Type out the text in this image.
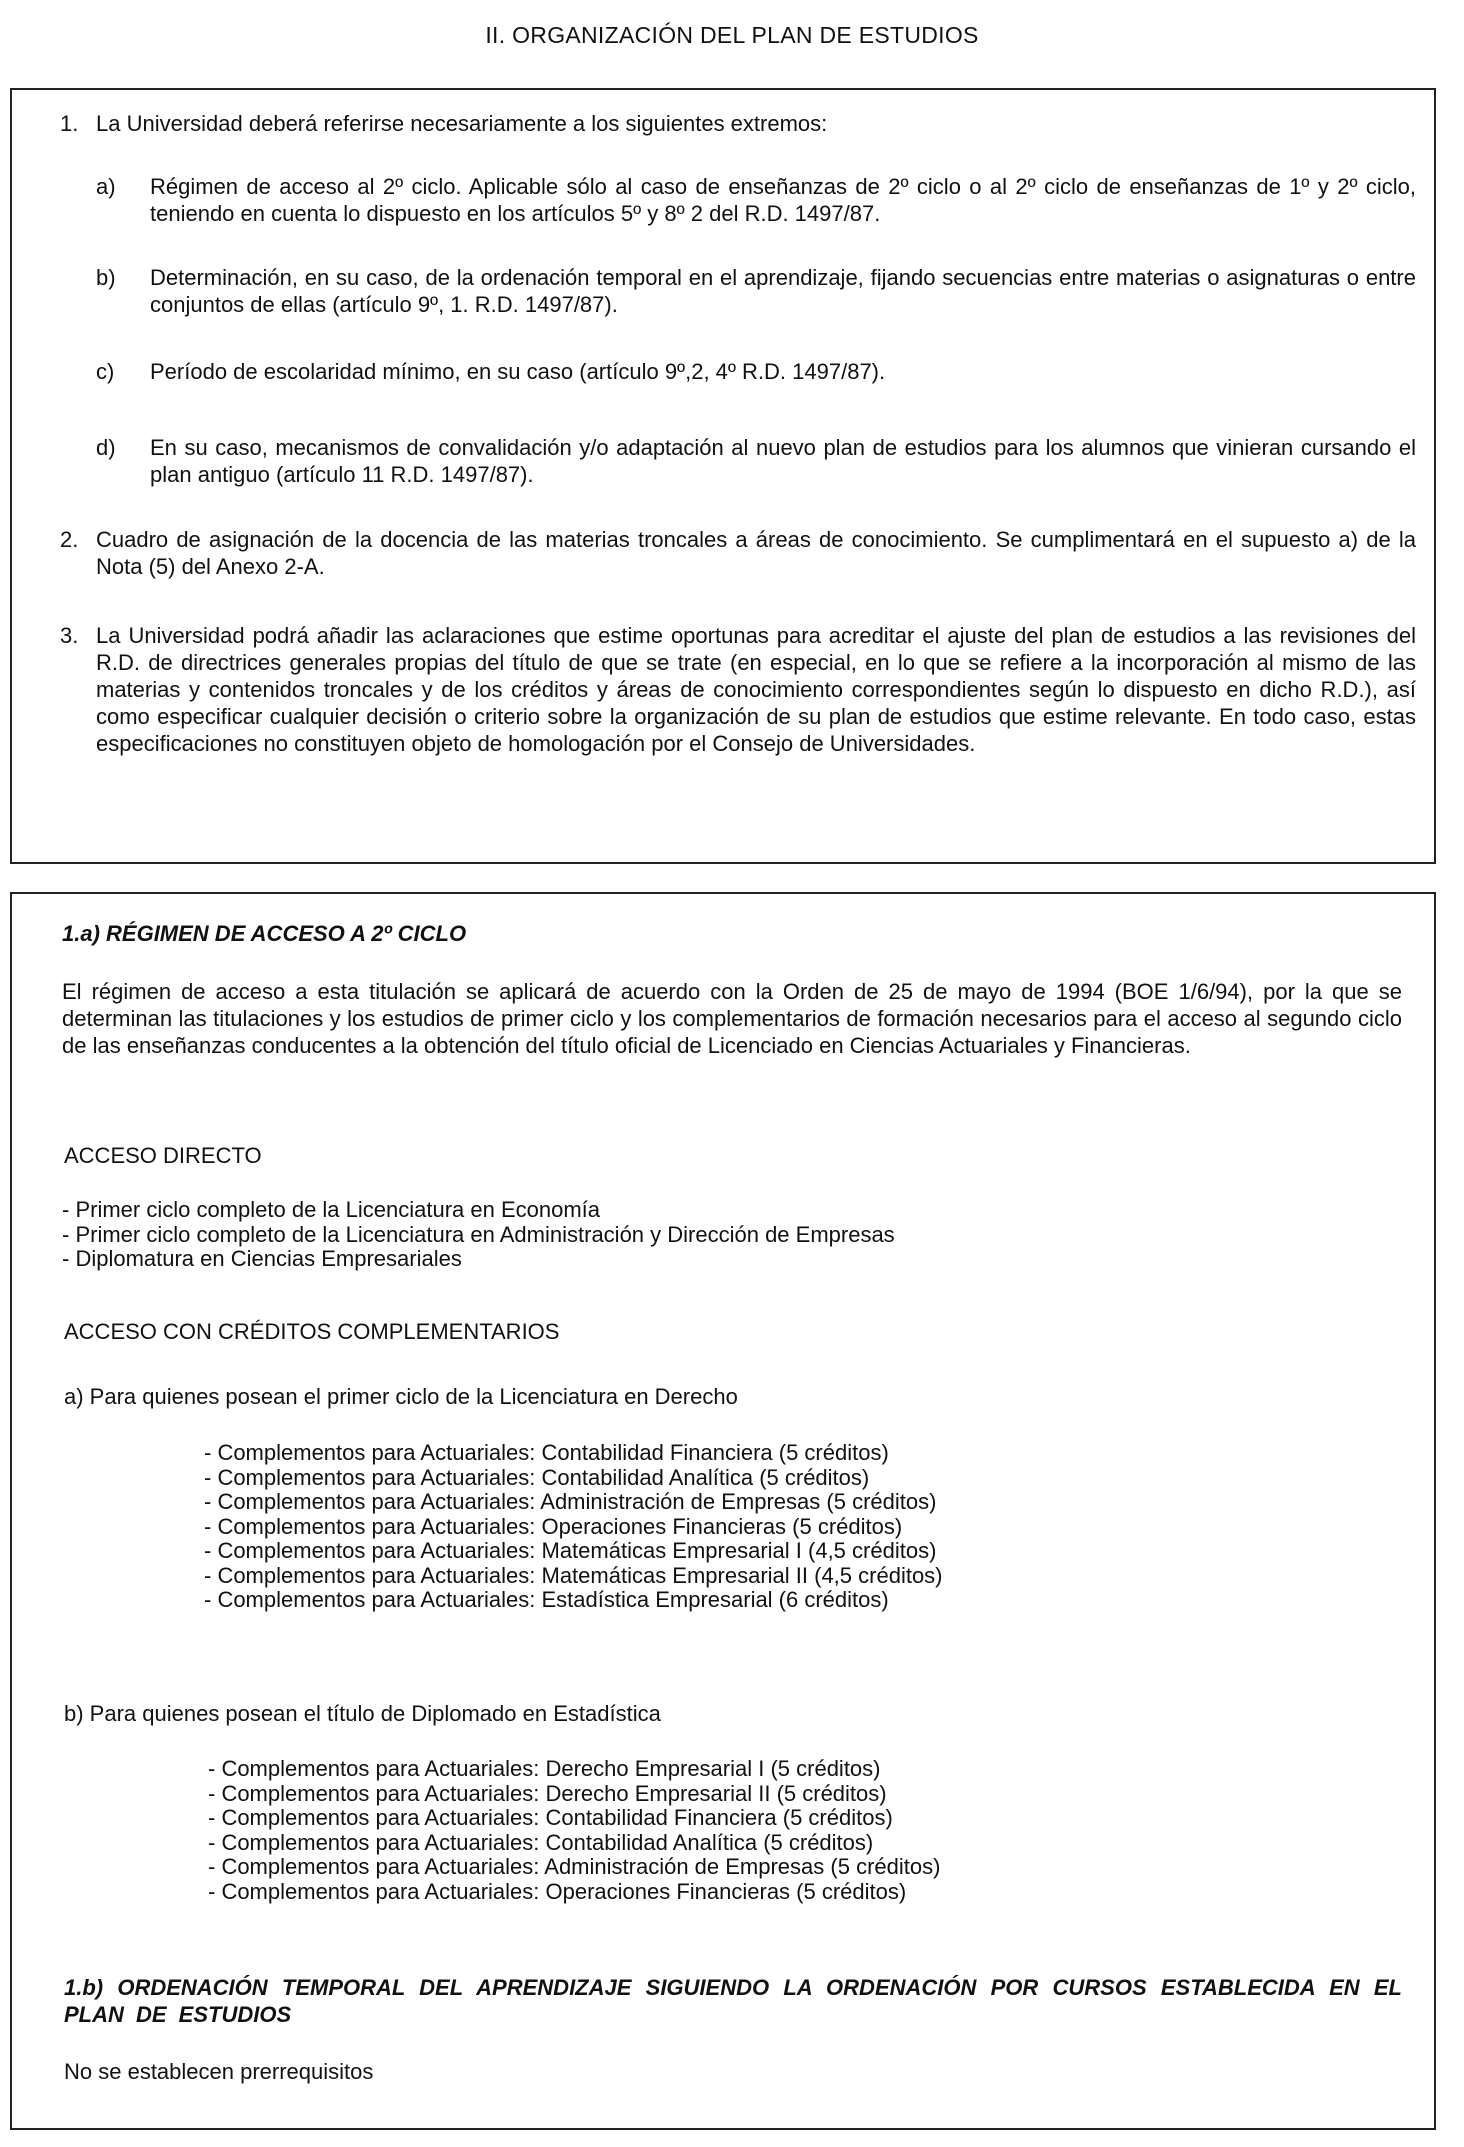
II. ORGANIZACIÓN DEL PLAN DE ESTUDIOS
1. La Universidad deberá referirse necesariamente a los siguientes extremos:
a) Régimen de acceso al 2º ciclo. Aplicable sólo al caso de enseñanzas de 2º ciclo o al 2º ciclo de enseñanzas de 1º y 2º ciclo, teniendo en cuenta lo dispuesto en los artículos 5º y 8º 2 del R.D. 1497/87.
b) Determinación, en su caso, de la ordenación temporal en el aprendizaje, fijando secuencias entre materias o asignaturas o entre conjuntos de ellas (artículo 9º, 1. R.D. 1497/87).
c) Período de escolaridad mínimo, en su caso (artículo 9º,2, 4º R.D. 1497/87).
d) En su caso, mecanismos de convalidación y/o adaptación al nuevo plan de estudios para los alumnos que vinieran cursando el plan antiguo (artículo 11 R.D. 1497/87).
2. Cuadro de asignación de la docencia de las materias troncales a áreas de conocimiento. Se cumplimentará en el supuesto a) de la Nota (5) del Anexo 2-A.
3. La Universidad podrá añadir las aclaraciones que estime oportunas para acreditar el ajuste del plan de estudios a las revisiones del R.D. de directrices generales propias del título de que se trate (en especial, en lo que se refiere a la incorporación al mismo de las materias y contenidos troncales y de los créditos y áreas de conocimiento correspondientes según lo dispuesto en dicho R.D.), así como especificar cualquier decisión o criterio sobre la organización de su plan de estudios que estime relevante. En todo caso, estas especificaciones no constituyen objeto de homologación por el Consejo de Universidades.
1.a) RÉGIMEN DE ACCESO A 2º CICLO
El régimen de acceso a esta titulación se aplicará de acuerdo con la Orden de 25 de mayo de 1994 (BOE 1/6/94), por la que se determinan las titulaciones y los estudios de primer ciclo y los complementarios de formación necesarios para el acceso al segundo ciclo de las enseñanzas conducentes a la obtención del título oficial de Licenciado en Ciencias Actuariales y Financieras.
ACCESO DIRECTO
- Primer ciclo completo de la Licenciatura en Economía
- Primer ciclo completo de la Licenciatura en Administración y Dirección de Empresas
- Diplomatura en Ciencias Empresariales
ACCESO CON CRÉDITOS COMPLEMENTARIOS
a) Para quienes posean el primer ciclo de la Licenciatura en Derecho
- Complementos para Actuariales: Contabilidad Financiera (5 créditos)
- Complementos para Actuariales: Contabilidad Analítica (5 créditos)
- Complementos para Actuariales: Administración de Empresas (5 créditos)
- Complementos para Actuariales: Operaciones Financieras (5 créditos)
- Complementos para Actuariales: Matemáticas Empresarial I (4,5 créditos)
- Complementos para Actuariales: Matemáticas Empresarial II (4,5 créditos)
- Complementos para Actuariales: Estadística Empresarial (6 créditos)
b) Para quienes posean el título de Diplomado en Estadística
- Complementos para Actuariales: Derecho Empresarial I (5 créditos)
- Complementos para Actuariales: Derecho Empresarial II (5 créditos)
- Complementos para Actuariales: Contabilidad Financiera (5 créditos)
- Complementos para Actuariales: Contabilidad Analítica (5 créditos)
- Complementos para Actuariales: Administración de Empresas (5 créditos)
- Complementos para Actuariales: Operaciones Financieras (5 créditos)
1.b) ORDENACIÓN TEMPORAL DEL APRENDIZAJE SIGUIENDO LA ORDENACIÓN POR CURSOS ESTABLECIDA EN EL PLAN DE ESTUDIOS
No se establecen prerrequisitos
